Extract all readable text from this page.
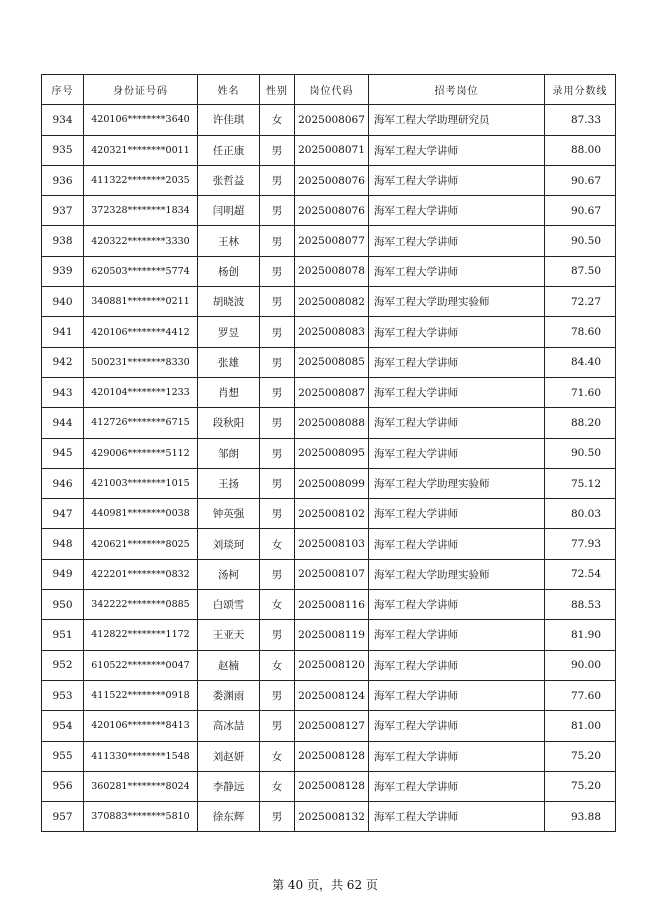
序号	身份证号码	姓名	性别	岗位代码	招考岗位	录用分数线
934	420106********3640	许佳琪	女	2025008067	海军工程大学助理研究员	87.33
935	420321********0011	任正康	男	2025008071	海军工程大学讲师	88.00
936	411322********2035	张哲益	男	2025008076	海军工程大学讲师	90.67
937	372328********1834	闫明超	男	2025008076	海军工程大学讲师	90.67
938	420322********3330	王林	男	2025008077	海军工程大学讲师	90.50
939	620503********5774	杨创	男	2025008078	海军工程大学讲师	87.50
940	340881********0211	胡晓波	男	2025008082	海军工程大学助理实验师	72.27
941	420106********4412	罗昱	男	2025008083	海军工程大学讲师	78.60
942	500231********8330	张雄	男	2025008085	海军工程大学讲师	84.40
943	420104********1233	肖想	男	2025008087	海军工程大学讲师	71.60
944	412726********6715	段秋阳	男	2025008088	海军工程大学讲师	88.20
945	429006********5112	邹朗	男	2025008095	海军工程大学讲师	90.50
946	421003********1015	王扬	男	2025008099	海军工程大学助理实验师	75.12
947	440981********0038	钟英强	男	2025008102	海军工程大学讲师	80.03
948	420621********8025	刘琰珂	女	2025008103	海军工程大学讲师	77.93
949	422201********0832	汤柯	男	2025008107	海军工程大学助理实验师	72.54
950	342222********0885	白颂雪	女	2025008116	海军工程大学讲师	88.53
951	412822********1172	王亚天	男	2025008119	海军工程大学讲师	81.90
952	610522********0047	赵楠	女	2025008120	海军工程大学讲师	90.00
953	411522********0918	娄渊雨	男	2025008124	海军工程大学讲师	77.60
954	420106********8413	高冰喆	男	2025008127	海军工程大学讲师	81.00
955	411330********1548	刘赵妍	女	2025008128	海军工程大学讲师	75.20
956	360281********8024	李静远	女	2025008128	海军工程大学讲师	75.20
957	370883********5810	徐东辉	男	2025008132	海军工程大学讲师	93.88
第 40 页，共 62 页
